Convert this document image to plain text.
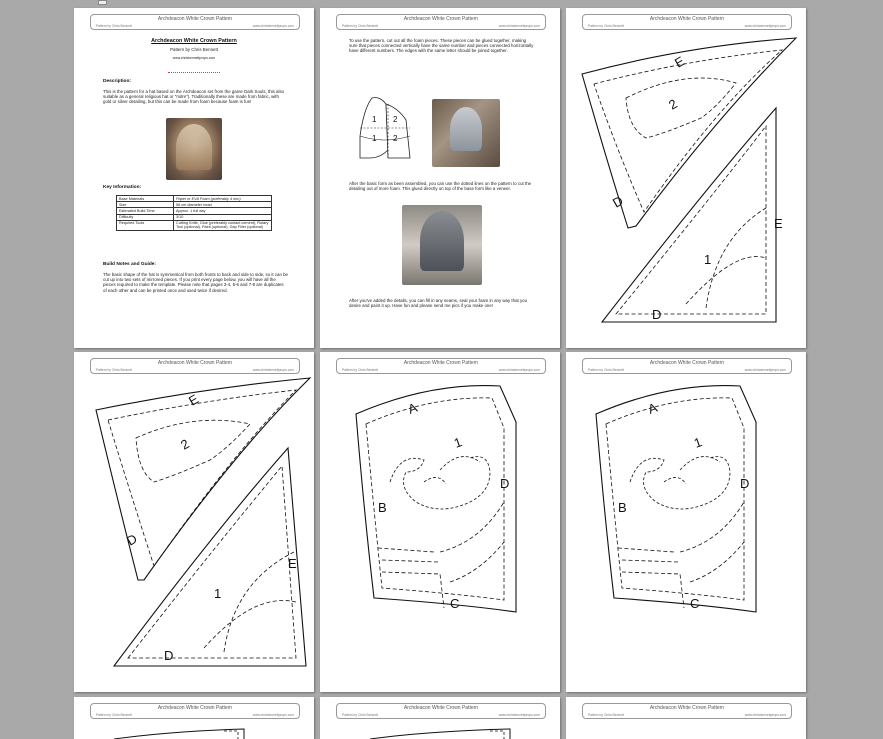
Archdeacon White Crown Pattern
Pattern by Chris Bennett	www.chrisbennettprops.com
Archdeacon White Crown Pattern
Pattern by Chris Bennett
www.chrisbennettprops.com
Description:
This is the pattern for a hat based on the Archdeacon set from the game Dark Souls, this also suitable as a general religious hat or "mitre"). Traditionally these are made from fabric, with gold or silver detailing, but this can be made from foam because foam is fun!
Key Information:
Base Materials	Paper or EVA Foam (preferably 4 mm)
Size	56 cm diameter head
Estimated Build Time	Approx. 1 full day
Difficulty	3/10
Required Tools	Cutting Knife, Glue (preferably contact cement), Rotary Tool (optional), Paint (optional), Gap Filler (optional)
Build Notes and Guide:
The basic shape of the hat is symmetrical from both fronts to back and side to side, so it can be cut up into two sets of mirrored pieces. If you print every page below, you will have all the pieces required to make the template. Please note that pages 3-4, 5-6 and 7-8 are duplicates of each other and can be printed once and used twice if desired.
Archdeacon White Crown Pattern
Pattern by Chris Bennett	www.chrisbennettprops.com
To use the pattern, cut out all the foam pieces. These pieces can be glued together, making sure that pieces connected vertically have the same number and pieces connected horizontally have different numbers. The edges with the same letter should be joined together.
1 2
1 2
After the basic form as been assembled, you can use the dotted lines on the pattern to cut the detailing out of more foam. This glued directly on top of the base form like a veneer.
After you've added the details, you can fill in any seams, seal your foam in any way that you desire and paint it up. Have fun and please send me pics if you make one!
Archdeacon White Crown Pattern
Pattern by Chris Bennett	www.chrisbennettprops.com
E
2
D
E
1
D
Archdeacon White Crown Pattern
Pattern by Chris Bennett	www.chrisbennettprops.com
E
2
D
E
1
D
Archdeacon White Crown Pattern
Pattern by Chris Bennett	www.chrisbennettprops.com
A
1
B
D
C
Archdeacon White Crown Pattern
Pattern by Chris Bennett	www.chrisbennettprops.com
A
1
B
D
C
Archdeacon White Crown Pattern
Pattern by Chris Bennett	www.chrisbennettprops.com
Archdeacon White Crown Pattern
Pattern by Chris Bennett	www.chrisbennettprops.com
Archdeacon White Crown Pattern
Pattern by Chris Bennett	www.chrisbennettprops.com
